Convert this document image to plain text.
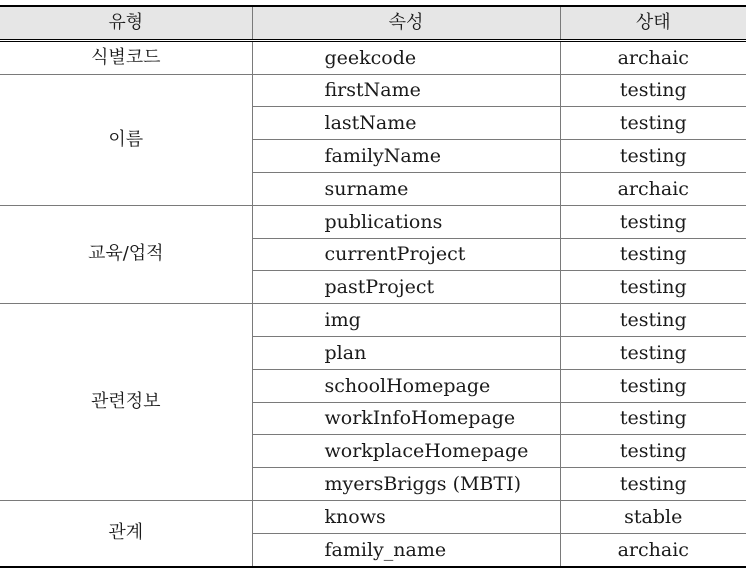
유형	속성	상태
식별코드	geekcode	archaic
이름	firstName	testing
	lastName	testing
	familyName	testing
	surname	archaic
교육/업적	publications	testing
	currentProject	testing
	pastProject	testing
관련정보	img	testing
	plan	testing
	schoolHomepage	testing
	workInfoHomepage	testing
	workplaceHomepage	testing
	myersBriggs (MBTI)	testing
관계	knows	stable
	family_name	archaic
